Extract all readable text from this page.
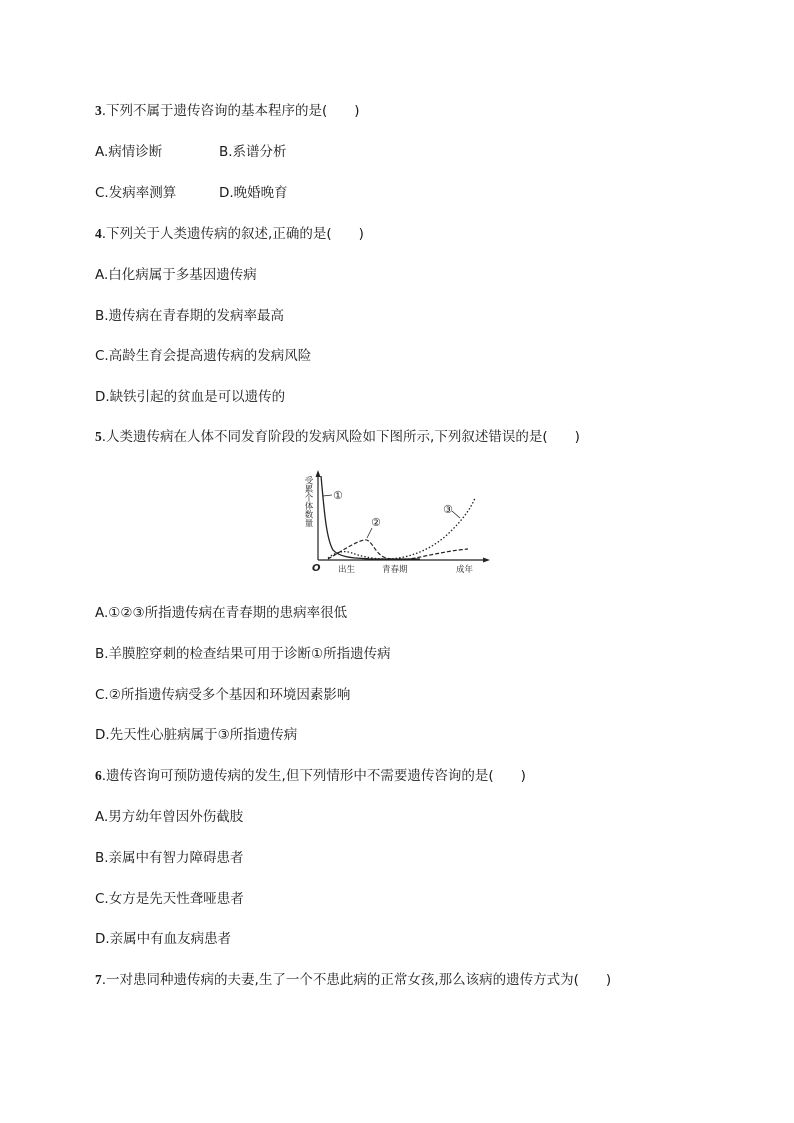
3.下列不属于遗传咨询的基本程序的是(　　)
A.病情诊断	B.系谱分析
C.发病率测算	D.晚婚晚育
4.下列关于人类遗传病的叙述,正确的是(　　)
A.白化病属于多基因遗传病
B.遗传病在青春期的发病率最高
C.高龄生育会提高遗传病的发病风险
D.缺铁引起的贫血是可以遗传的
5.人类遗传病在人体不同发育阶段的发病风险如下图所示,下列叙述错误的是(　　)
受累个体数量
O 出生	青春期	成年
①
②
③
A.①②③所指遗传病在青春期的患病率很低
B.羊膜腔穿刺的检查结果可用于诊断①所指遗传病
C.②所指遗传病受多个基因和环境因素影响
D.先天性心脏病属于③所指遗传病
6.遗传咨询可预防遗传病的发生,但下列情形中不需要遗传咨询的是(　　)
A.男方幼年曾因外伤截肢
B.亲属中有智力障碍患者
C.女方是先天性聋哑患者
D.亲属中有血友病患者
7.一对患同种遗传病的夫妻,生了一个不患此病的正常女孩,那么该病的遗传方式为(　　)
